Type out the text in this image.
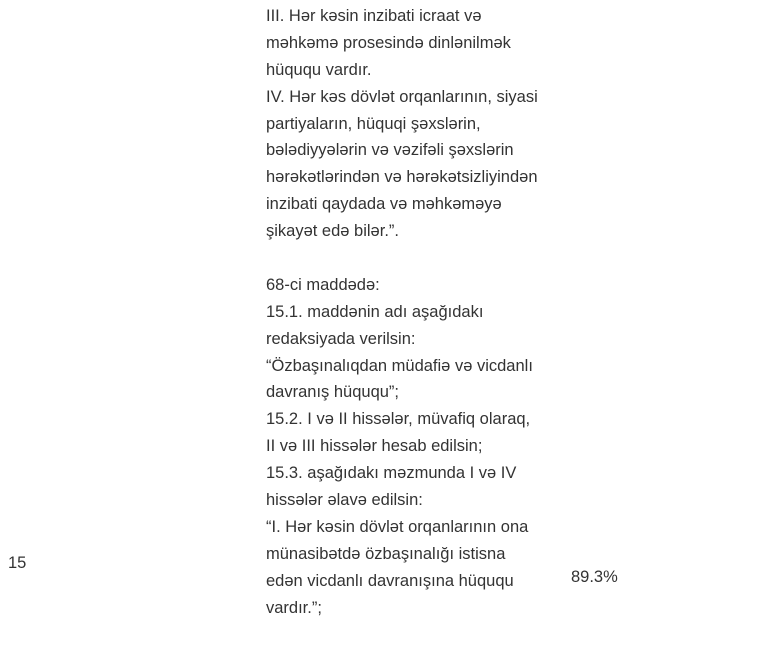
15
III. Hər kəsin inzibati icraat və
məhkəmə prosesində dinlənilmək
hüququ vardır.
IV. Hər kəs dövlət orqanlarının, siyasi
partiyaların, hüquqi şəxslərin,
bələdiyyələrin və vəzifəli şəxslərin
hərəkətlərindən və hərəkətsizliyindən
inzibati qaydada və məhkəməyə
şikayət edə bilər.”.
68-ci maddədə:
15.1. maddənin adı aşağıdakı
redaksiyada verilsin:
“Özbaşınalıqdan müdafiə və vicdanlı
davranış hüququ”;
15.2. I və II hissələr, müvafiq olaraq,
II və III hissələr hesab edilsin;
15.3. aşağıdakı məzmunda I və IV
hissələr əlavə edilsin:
“I. Hər kəsin dövlət orqanlarının ona
münasibətdə özbaşınalığı istisna
edən vicdanlı davranışına hüququ
vardır.”;
89.3%
